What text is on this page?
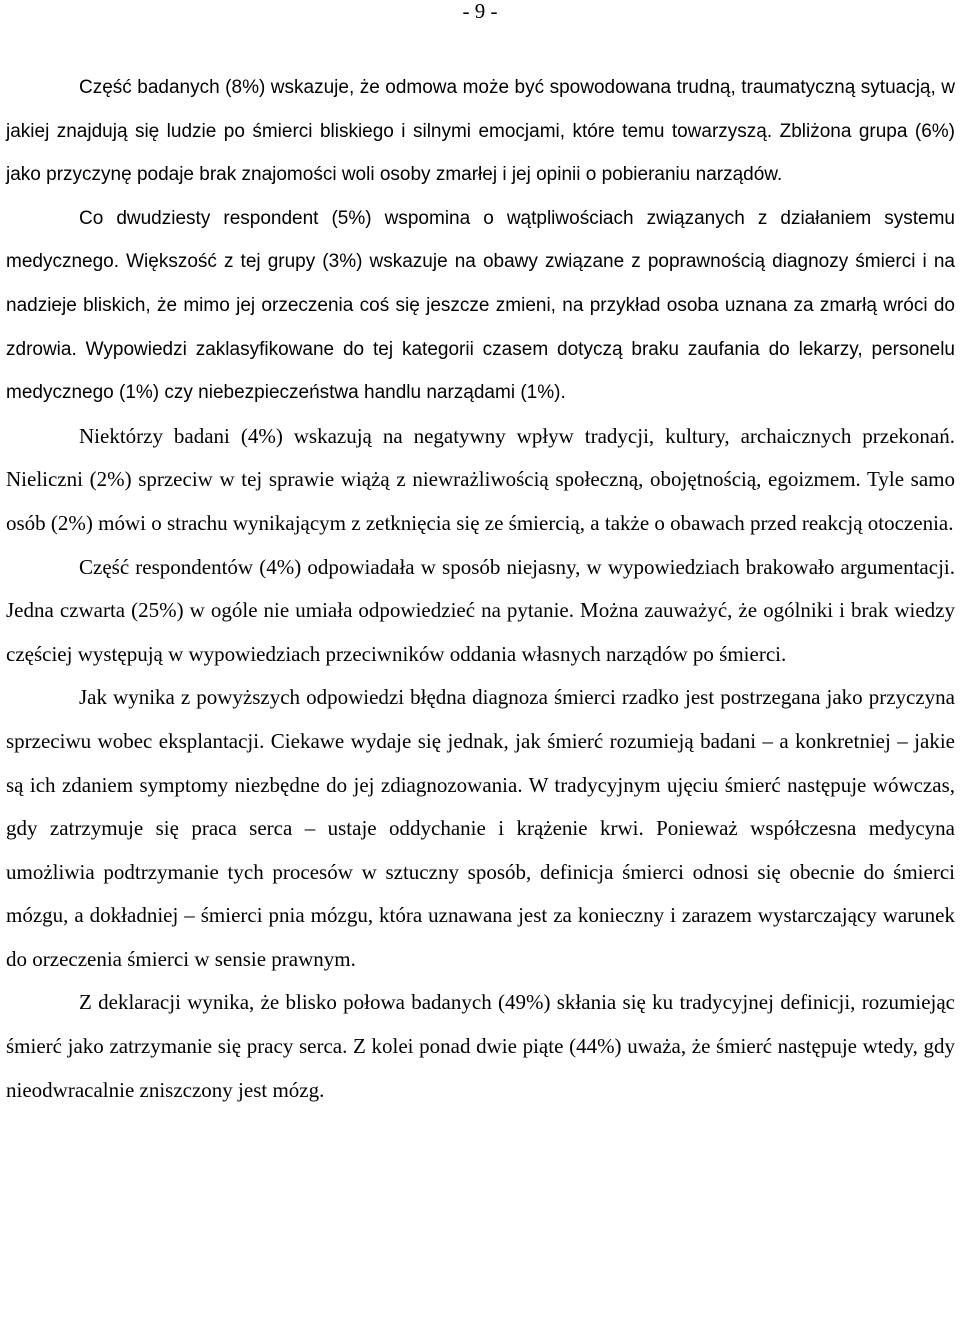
- 9 -

Część badanych (8%) wskazuje, że odmowa może być spowodowana trudną, traumatyczną sytuacją, w jakiej znajdują się ludzie po śmierci bliskiego i silnymi emocjami, które temu towarzyszą. Zbliżona grupa (6%) jako przyczynę podaje brak znajomości woli osoby zmarłej i jej opinii o pobieraniu narządów.

Co dwudziesty respondent (5%) wspomina o wątpliwościach związanych z działaniem systemu medycznego. Większość z tej grupy (3%) wskazuje na obawy związane z poprawnością diagnozy śmierci i na nadzieje bliskich, że mimo jej orzeczenia coś się jeszcze zmieni, na przykład osoba uznana za zmarłą wróci do zdrowia. Wypowiedzi zaklasyfikowane do tej kategorii czasem dotyczą braku zaufania do lekarzy, personelu medycznego (1%) czy niebezpieczeństwa handlu narządami (1%).

Niektórzy badani (4%) wskazują na negatywny wpływ tradycji, kultury, archaicznych przekonań. Nieliczni (2%) sprzeciw w tej sprawie wiążą z niewrażliwością społeczną, obojętnością, egoizmem. Tyle samo osób (2%) mówi o strachu wynikającym z zetknięcia się ze śmiercią, a także o obawach przed reakcją otoczenia.

Część respondentów (4%) odpowiadała w sposób niejasny, w wypowiedziach brakowało argumentacji. Jedna czwarta (25%) w ogóle nie umiała odpowiedzieć na pytanie. Można zauważyć, że ogólniki i brak wiedzy częściej występują w wypowiedziach przeciwników oddania własnych narządów po śmierci.

Jak wynika z powyższych odpowiedzi błędna diagnoza śmierci rzadko jest postrzegana jako przyczyna sprzeciwu wobec eksplantacji. Ciekawe wydaje się jednak, jak śmierć rozumieją badani – a konkretniej – jakie są ich zdaniem symptomy niezbędne do jej zdiagnozowania. W tradycyjnym ujęciu śmierć następuje wówczas, gdy zatrzymuje się praca serca – ustaje oddychanie i krążenie krwi. Ponieważ współczesna medycyna umożliwia podtrzymanie tych procesów w sztuczny sposób, definicja śmierci odnosi się obecnie do śmierci mózgu, a dokładniej – śmierci pnia mózgu, która uznawana jest za konieczny i zarazem wystarczający warunek do orzeczenia śmierci w sensie prawnym.

Z deklaracji wynika, że blisko połowa badanych (49%) skłania się ku tradycyjnej definicji, rozumiejąc śmierć jako zatrzymanie się pracy serca. Z kolei ponad dwie piąte (44%) uważa, że śmierć następuje wtedy, gdy nieodwracalnie zniszczony jest mózg.
